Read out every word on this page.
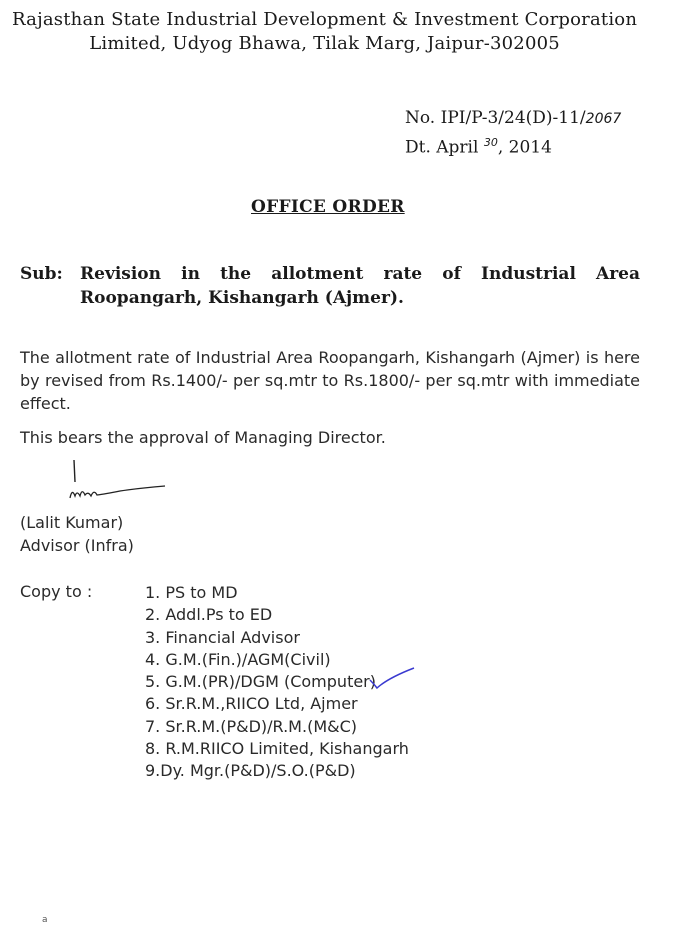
Rajasthan State Industrial Development & Investment Corporation
Limited, Udyog Bhawa, Tilak Marg, Jaipur-302005
No. IPI/P-3/24(D)-11/2067
Dt. April $^{30}$, 2014
OFFICE ORDER
Sub: Revision in the allotment rate of Industrial Area Roopangarh, Kishangarh (Ajmer).
The allotment rate of Industrial Area Roopangarh, Kishangarh (Ajmer) is here by revised from Rs.1400/- per sq.mtr to Rs.1800/- per sq.mtr with immediate effect.
This bears the approval of Managing Director.
(Lalit Kumar)
Advisor (Infra)
Copy to :	1. PS to MD
2. Addl.Ps to ED
3. Financial Advisor
4. G.M.(Fin.)/AGM(Civil)
5. G.M.(PR)/DGM (Computer)
6. Sr.R.M.,RIICO Ltd, Ajmer
7. Sr.R.M.(P&D)/R.M.(M&C)
8. R.M.RIICO Limited, Kishangarh
9.Dy. Mgr.(P&D)/S.O.(P&D)
a
